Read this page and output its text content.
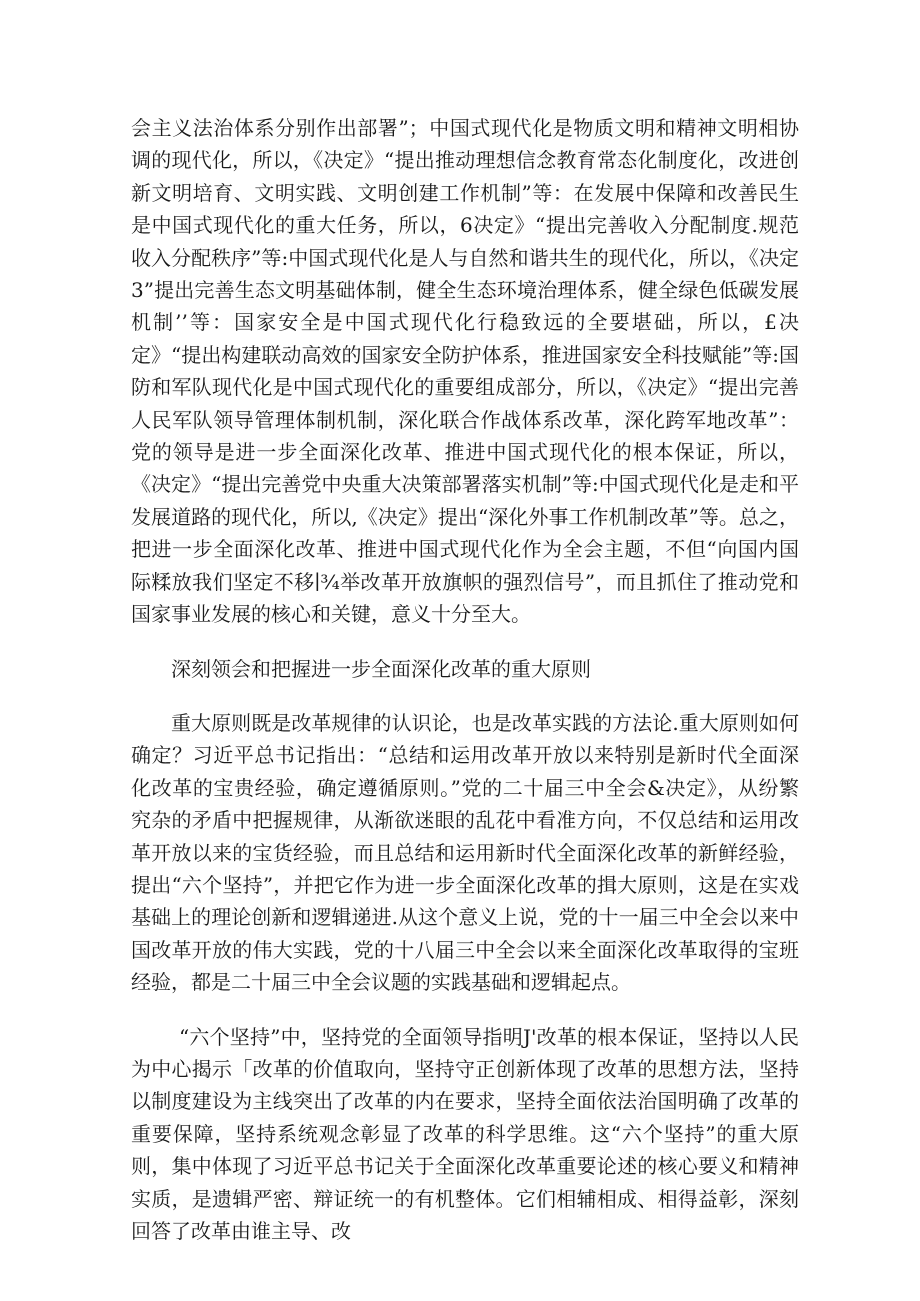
会主义法治体系分别作出部署”；中国式现代化是物质文明和精神文明相协调的现代化，所以，《决定》“提出推动理想信念教育常态化制度化，改进创新文明培育、文明实践、文明创建工作机制”等：在发展中保障和改善民生是中国式现代化的重大任务，所以，6决定》“提出完善收入分配制度.规范收入分配秩序”等:中国式现代化是人与自然和谐共生的现代化，所以，《决定3”提出完善生态文明基础体制，健全生态环境治理体系，健全绿色低碳发展机制’’等：国家安全是中国式现代化行稳致远的全要堪础，所以，£决定》“提出构建联动高效的国家安全防护体系，推进国家安全科技赋能”等:国防和军队现代化是中国式现代化的重要组成部分，所以，《决定》“提出完善人民军队领导管理体制机制，深化联合作战体系改革，深化跨军地改革”：党的领导是进一步全面深化改革、推进中国式现代化的根本保证，所以，《决定》“提出完善党中央重大决策部署落实机制”等:中国式现代化是走和平发展道路的现代化，所以,《决定》提出“深化外事工作机制改革”等。总之，把进一步全面深化改革、推进中国式现代化作为全会主题，不但“向国内国际糅放我们坚定不移∣¾举改革开放旗帜的强烈信号”，而且抓住了推动党和国家事业发展的核心和关键，意义十分至大。

深刻领会和把握进一步全面深化改革的重大原则

重大原则既是改革规律的认识论，也是改革实践的方法论.重大原则如何确定？习近平总书记指出：“总结和运用改革开放以来特别是新时代全面深化改革的宝贵经验，确定遵循原则。”党的二十届三中全会&决定》，从纷繁究杂的矛盾中把握规律，从渐欲迷眼的乱花中看准方向，不仅总结和运用改革开放以来的宝货经验，而且总结和运用新时代全面深化改革的新鲜经验，提出“六个坚持”，并把它作为进一步全面深化改革的揖大原则，这是在实戏基础上的理论创新和逻辑递进.从这个意义上说，党的十一届三中全会以来中国改革开放的伟大实践，党的十八届三中全会以来全面深化改革取得的宝班经验，都是二十届三中全会议题的实践基础和逻辑起点。

“六个坚持”中，坚持党的全面领导指明J'改革的根本保证，坚持以人民为中心揭示「改革的价值取向，坚持守正创新体现了改革的思想方法，坚持以制度建设为主线突出了改革的内在要求，坚持全面依法治国明确了改革的重要保障，坚持系统观念彰显了改革的科学思维。这“六个坚持”的重大原则，集中体现了习近平总书记关于全面深化改革重要论述的核心要义和精神实质，是遗辑严密、辩证统一的有机整体。它们相辅相成、相得益彰，深刻回答了改革由谁主导、改
